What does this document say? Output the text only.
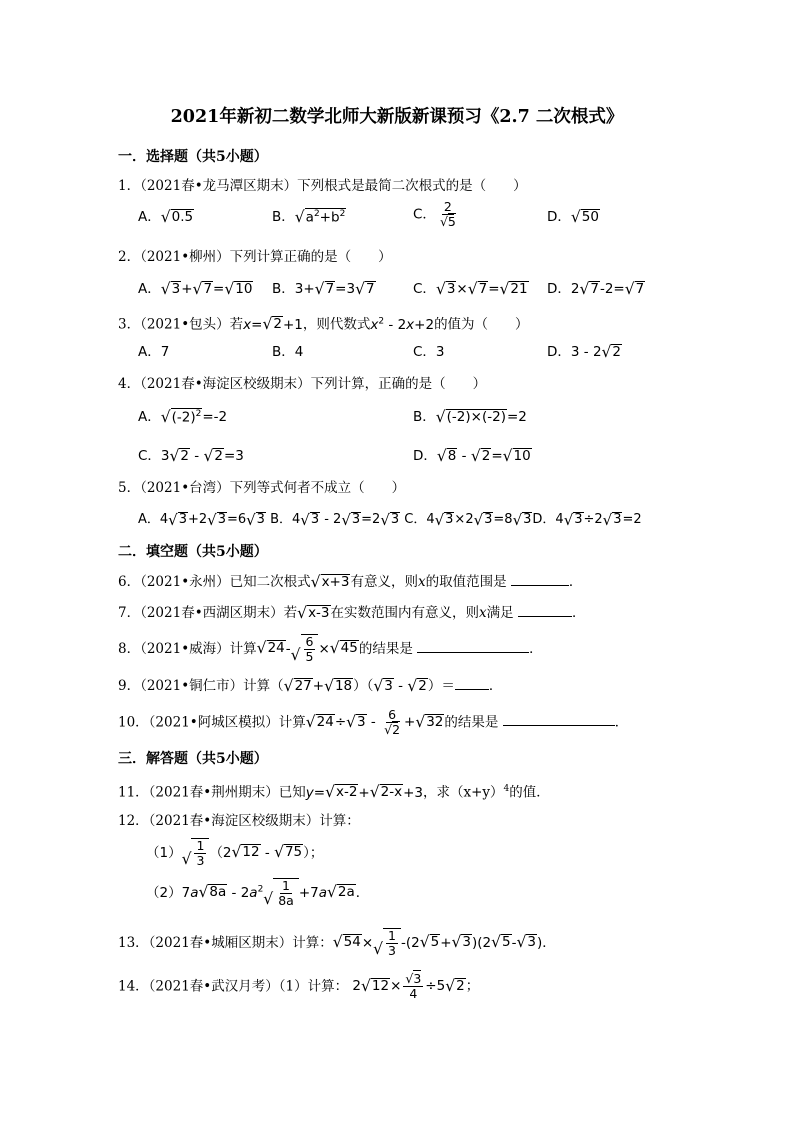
2021年新初二数学北师大新版新课预习《2.7 二次根式》
一．选择题（共5小题）
1．（2021春•龙马潭区期末）下列根式是最简二次根式的是（　　）
A． √ 0.5	B． √ $a^2+b^2$	C． $\frac{2}{√5}$	D． √ 50
2．（2021•柳州）下列计算正确的是（　　）
A． √ 3 + √ 7 = √ 10 B．3+ √ 7 =3 √ 7	C． √ 3 × √ 7 = √ 21 D．2 √ 7 -2= √ 7
3．（2021•包头）若x= √ 2 +1，则代数式$x^2 - 2x+2$的值为（　　）
A．7	B．4	C．3	D．3 - 2 √ 2
4．（2021春•海淀区校级期末）下列计算，正确的是（　　）
A． √ $(-2)^2 =-2$	B． √ (-2)×(-2) =2
C．3 √ 2 - √ 2 =3	D． √ 8 - √ 2 = √ 10
5．（2021•台湾）下列等式何者不成立（　　）
A．4 √ 3 +2 √ 3 =6 √ 3 B．4 √ 3 - 2 √ 3 =2 √ 3 C．4 √ 3 ×2 √ 3 =8 √ 3 D．4 √ 3 ÷2 √ 3 =2
二．填空题（共5小题）
6．（2021•永州）已知二次根式 √ x+3 有意义，则x的取值范围是	．
7．（2021春•西湖区期末）若 √ x-3 在实数范围内有意义，则x满足	．
8．（2021•威海）计算 √ 24 - √ $\frac{6}{5}$ × √ 45 的结果是	．
9．（2021•铜仁市）计算（ √ 27 + √ 18 ）（ √ 3 - √ 2 ）＝	．
10．（2021•阿城区模拟）计算 √ 24 ÷ √ $3 - \frac{6}{√2}$ + √ 32 的结果是	．
三．解答题（共5小题）
11．（2021春•荆州期末）已知y= √ x-2 + √ 2-x +3，求$(x+y)^4$的值．
12．（2021春•海淀区校级期末）计算：
（1） √ $\frac{1}{3} (2$ √ 12 - √ 75 ）；
（2）7a √ $8a - 2a^2$
√ $\frac{1}{8a} +7a$ √ 2a ．
13．（2021春•城厢区期末）计算： √ 54 × √ $\frac{1}{3} -(2$ √ 5 + √ 3 )(2 √ 5 - √ 3 )．
14．（2021春•武汉月考）（1）计算： 2 √ $12 \times \frac{√3}{4} \div 5$ √ 2 ；
